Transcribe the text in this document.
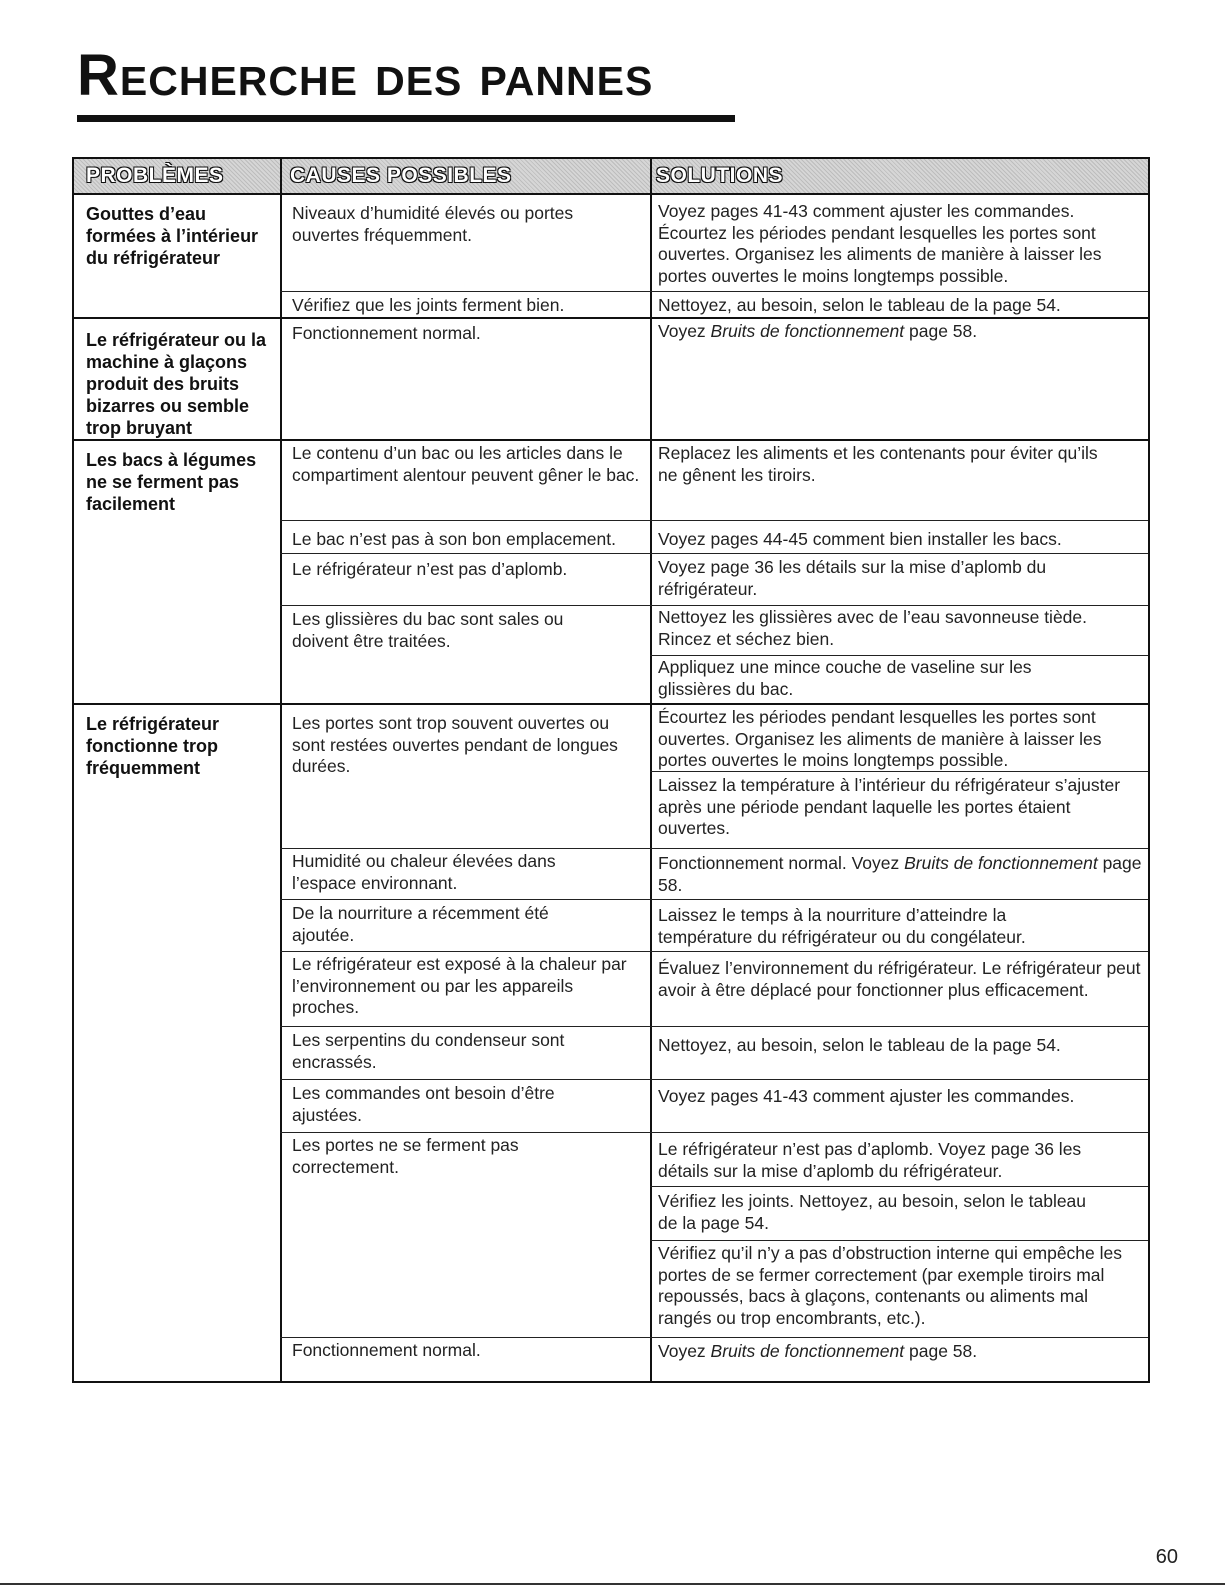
Recherche des pannes
PROBLÈMES	CAUSES POSSIBLES	SOLUTIONS
Gouttes d’eau formées à l’intérieur du réfrigérateur
Le réfrigérateur ou la machine à glaçons produit des bruits bizarres ou semble trop bruyant
Les bacs à légumes ne se ferment pas facilement
Le réfrigérateur fonctionne trop fréquemment
Niveaux d’humidité élevés ou portes ouvertes fréquemment.
Vérifiez que les joints ferment bien.
Fonctionnement normal.
Le contenu d’un bac ou les articles dans le compartiment alentour peuvent gêner le bac.
Le bac n’est pas à son bon emplacement.
Le réfrigérateur n’est pas d’aplomb.
Les glissières du bac sont sales ou doivent être traitées.
Les portes sont trop souvent ouvertes ou sont restées ouvertes pendant de longues durées.
Humidité ou chaleur élevées dans l’espace environnant.
De la nourriture a récemment été ajoutée.
Le réfrigérateur est exposé à la chaleur par l’environnement ou par les appareils proches.
Les serpentins du condenseur sont encrassés.
Les commandes ont besoin d’être ajustées.
Les portes ne se ferment pas correctement.
Fonctionnement normal.
Voyez pages 41-43 comment ajuster les commandes. Écourtez les périodes pendant lesquelles les portes sont ouvertes. Organisez les aliments de manière à laisser les portes ouvertes le moins longtemps possible.
Nettoyez, au besoin, selon le tableau de la page 54.
Voyez Bruits de fonctionnement page 58.
Replacez les aliments et les contenants pour éviter qu’ils ne gênent les tiroirs.
Voyez pages 44-45 comment bien installer les bacs.
Voyez page 36 les détails sur la mise d’aplomb du réfrigérateur.
Nettoyez les glissières avec de l’eau savonneuse tiède. Rincez et séchez bien.
Appliquez une mince couche de vaseline sur les glissières du bac.
Écourtez les périodes pendant lesquelles les portes sont ouvertes. Organisez les aliments de manière à laisser les portes ouvertes le moins longtemps possible.
Laissez la température à l’intérieur du réfrigérateur s’ajuster après une période pendant laquelle les portes étaient ouvertes.
Fonctionnement normal. Voyez Bruits de fonctionnement page 58.
Laissez le temps à la nourriture d’atteindre la température du réfrigérateur ou du congélateur.
Évaluez l’environnement du réfrigérateur. Le réfrigérateur peut avoir à être déplacé pour fonctionner plus efficacement.
Nettoyez, au besoin, selon le tableau de la page 54.
Voyez pages 41-43 comment ajuster les commandes.
Le réfrigérateur n’est pas d’aplomb. Voyez page 36 les détails sur la mise d’aplomb du réfrigérateur.
Vérifiez les joints. Nettoyez, au besoin, selon le tableau de la page 54.
Vérifiez qu’il n’y a pas d’obstruction interne qui empêche les portes de se fermer correctement (par exemple tiroirs mal repoussés, bacs à glaçons, contenants ou aliments mal rangés ou trop encombrants, etc.).
Voyez Bruits de fonctionnement page 58.
60
